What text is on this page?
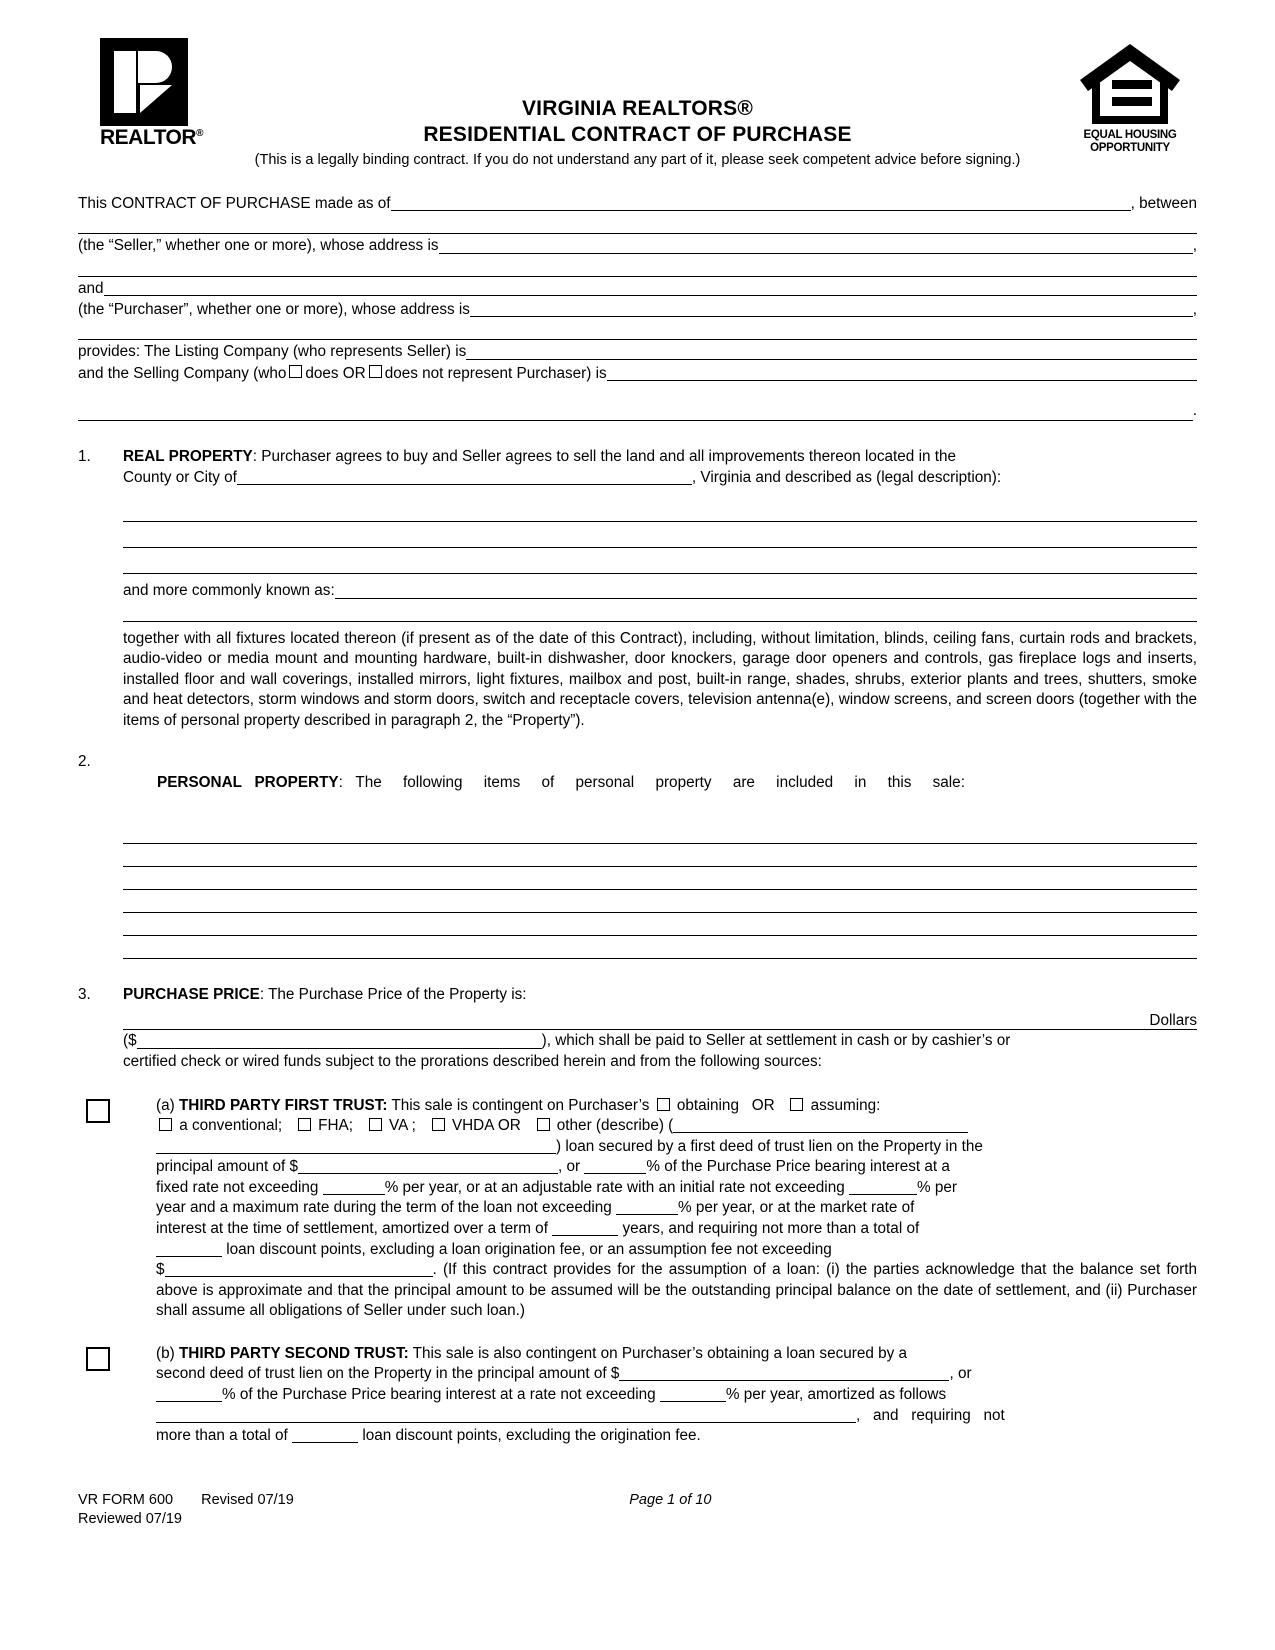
REALTOR®
VIRGINIA REALTORS®
RESIDENTIAL CONTRACT OF PURCHASE
(This is a legally binding contract. If you do not understand any part of it, please seek competent advice before signing.)
EQUAL HOUSING
OPPORTUNITY
This CONTRACT OF PURCHASE made as of	, between
(the “Seller,” whether one or more), whose address is	,
and
(the “Purchaser”, whether one or more), whose address is	,
provides: The Listing Company (who represents Seller) is
and the Selling Company (who does OR does not represent Purchaser) is
.
1.	REAL PROPERTY: Purchaser agrees to buy and Seller agrees to sell the land and all improvements thereon located in the
County or City of	, Virginia and described as (legal description):
and more commonly known as:
together with all fixtures located thereon (if present as of the date of this Contract), including, without limitation, blinds, ceiling fans, curtain rods and brackets, audio-video or media mount and mounting hardware, built-in dishwasher, door knockers, garage door openers and controls, gas fireplace logs and inserts, installed floor and wall coverings, installed mirrors, light fixtures, mailbox and post, built-in range, shades, shrubs, exterior plants and trees, shutters, smoke and heat detectors, storm windows and storm doors, switch and receptacle covers, television antenna(e), window screens, and screen doors (together with the items of personal property described in paragraph 2, the “Property”).
2.

PERSONAL   PROPERTY:   The     following     items     of     personal     property     are     included     in     this     sale:

3.	PURCHASE PRICE: The Purchase Price of the Property is:
Dollars
($	), which shall be paid to Seller at settlement in cash or by cashier’s or
certified check or wired funds subject to the prorations described herein and from the following sources:
(a) THIRD PARTY FIRST TRUST: This sale is contingent on Purchaser’s obtaining OR assuming:
a conventional; FHA; VA ; VHDA OR other (describe) (
) loan secured by a first deed of trust lien on the Property in the
principal amount of $	, or	% of the Purchase Price bearing interest at a
fixed rate not exceeding	% per year, or at an adjustable rate with an initial rate not exceeding	% per
year and a maximum rate during the term of the loan not exceeding	% per year, or at the market rate of
interest at the time of settlement, amortized over a term of	years, and requiring not more than a total of
loan discount points, excluding a loan origination fee, or an assumption fee not exceeding
$	. (If this contract provides for the assumption of a loan: (i) the parties acknowledge that the balance set forth above is approximate and that the principal amount to be assumed will be the outstanding principal balance on the date of settlement, and (ii) Purchaser shall assume all obligations of Seller under such loan.)
(b) THIRD PARTY SECOND TRUST: This sale is also contingent on Purchaser’s obtaining a loan secured by a
second deed of trust lien on the Property in the principal amount of $	, or
% of the Purchase Price bearing interest at a rate not exceeding	% per year, amortized as follows
,   and   requiring   not
more than a total of	loan discount points, excluding the origination fee.
VR FORM 600 Revised 07/19
Reviewed 07/19
Page 1 of 10
